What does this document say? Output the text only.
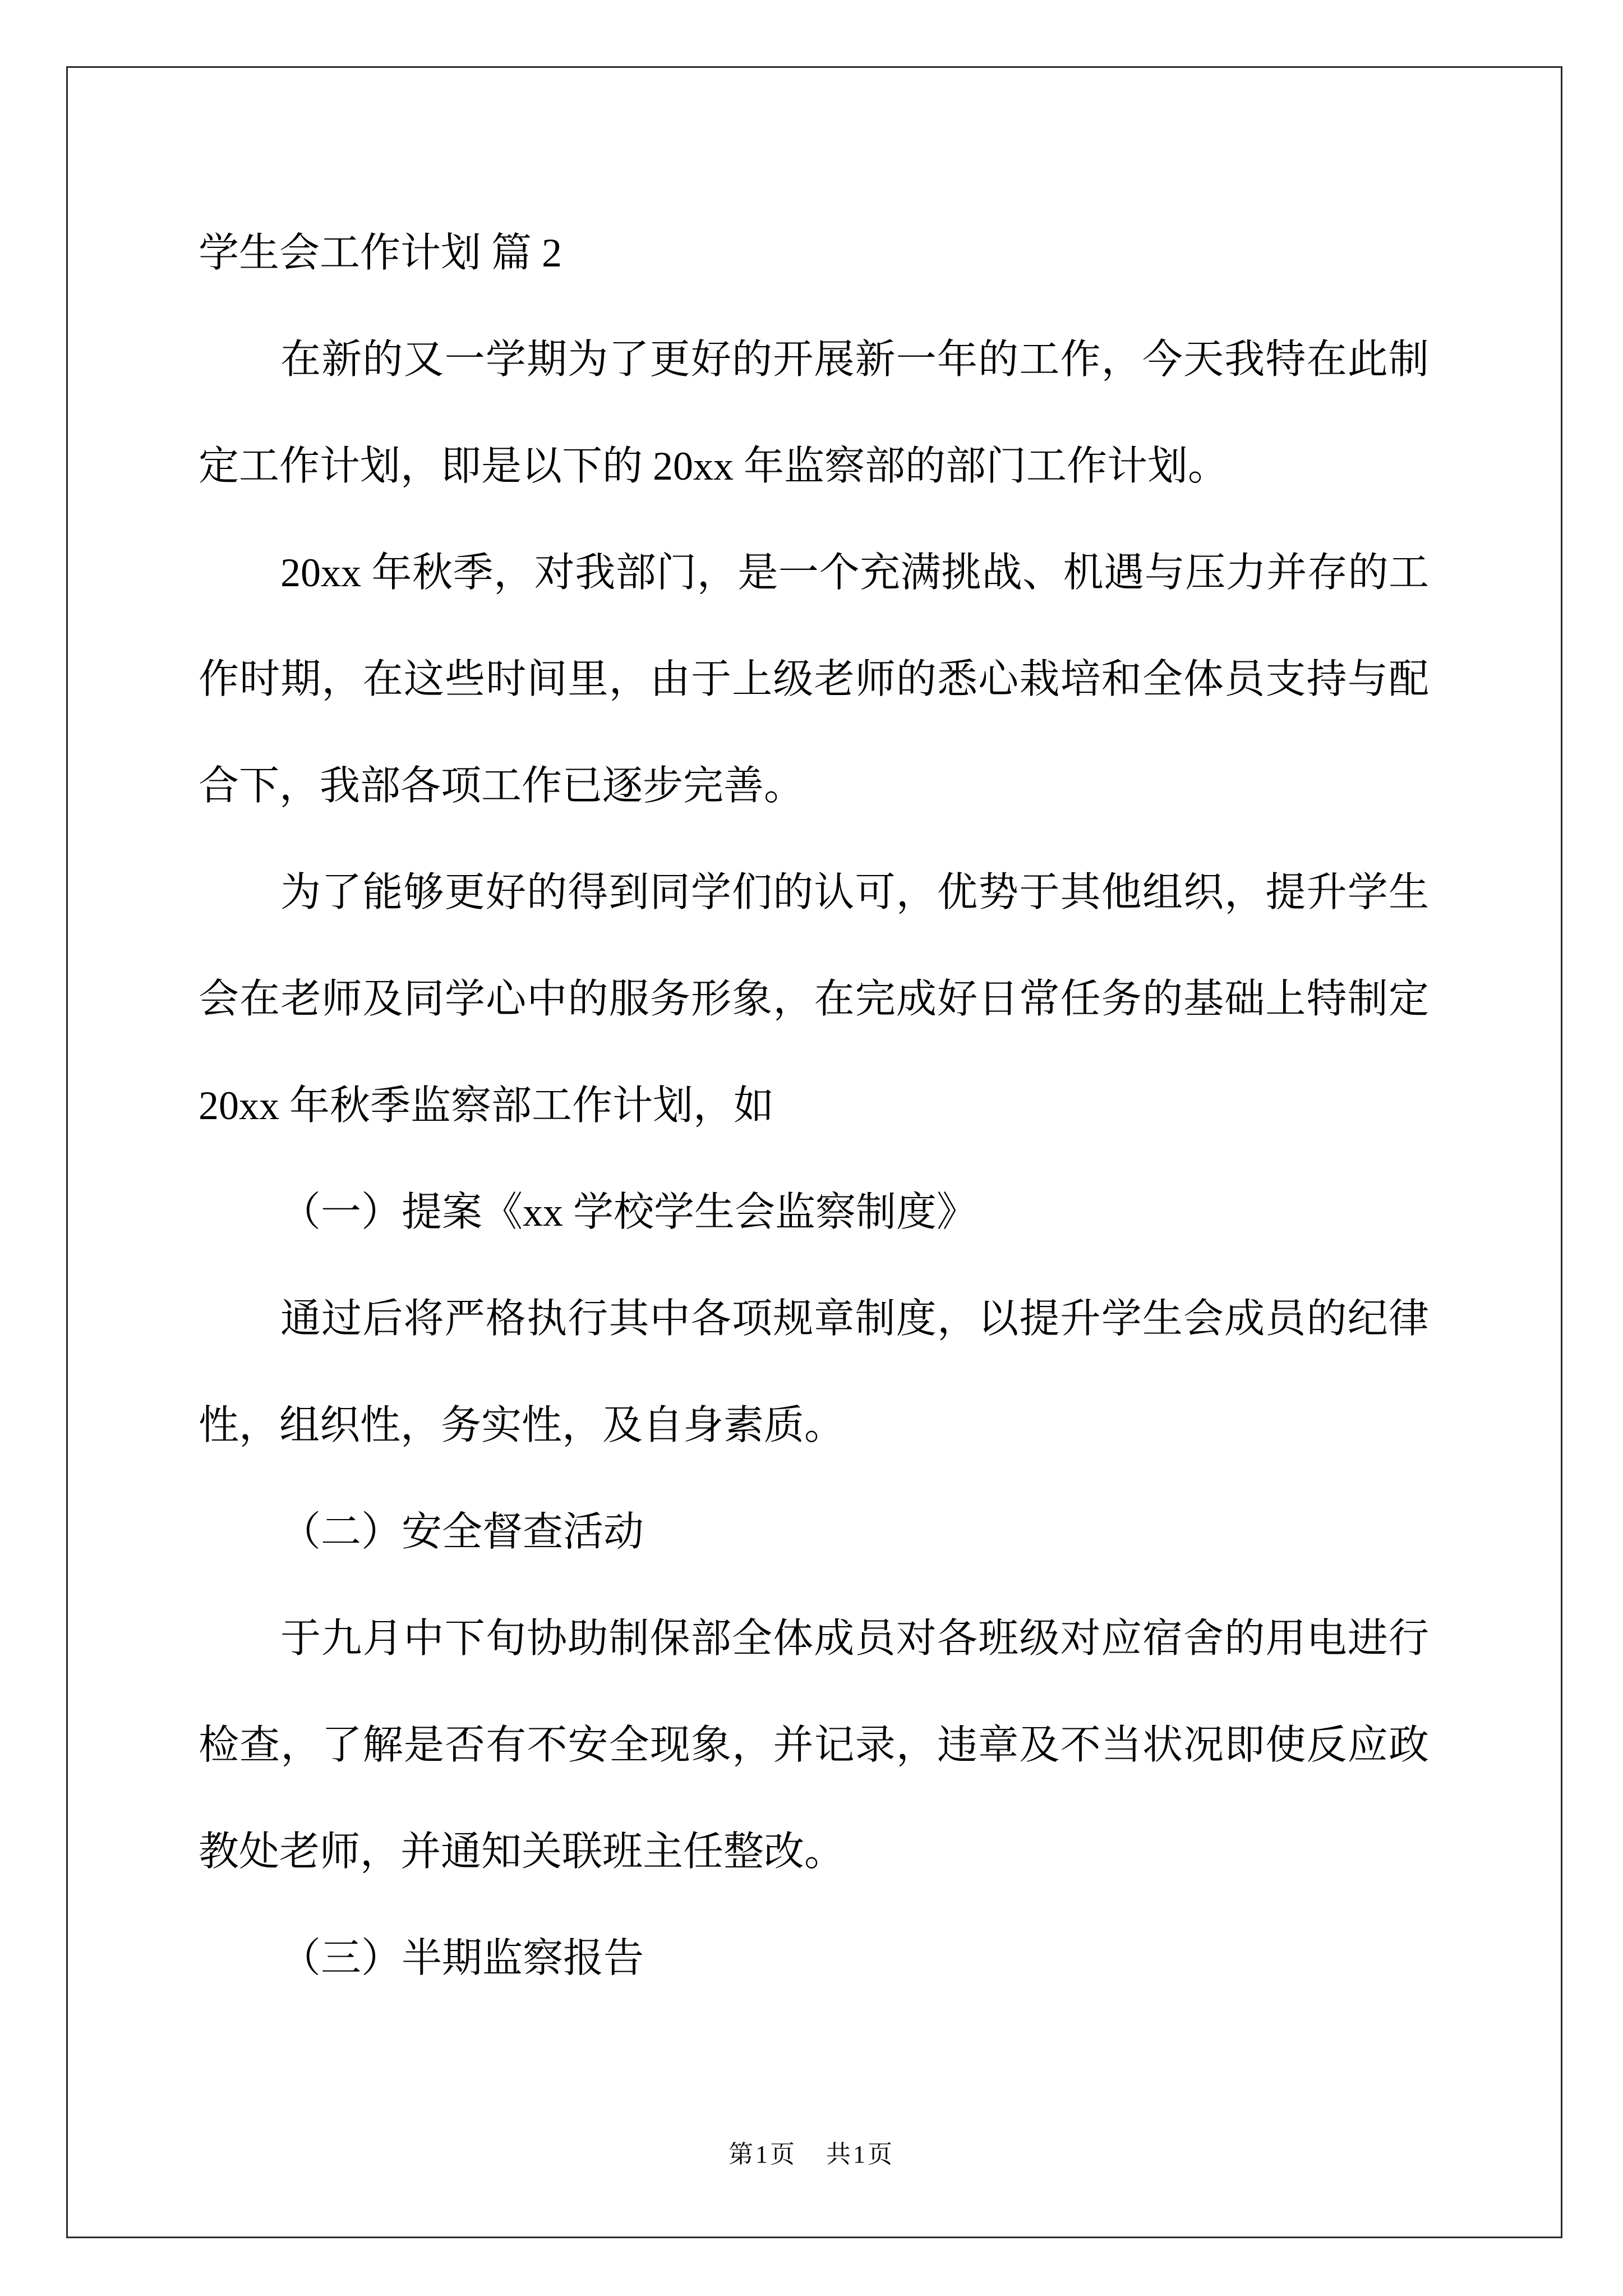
学生会工作计划 篇 2
在新的又一学期为了更好的开展新一年的工作，今天我特在此制
定工作计划，即是以下的 20xx 年监察部的部门工作计划。
20xx 年秋季，对我部门，是一个充满挑战、机遇与压力并存的工
作时期，在这些时间里，由于上级老师的悉心栽培和全体员支持与配
合下，我部各项工作已逐步完善。
为了能够更好的得到同学们的认可，优势于其他组织，提升学生
会在老师及同学心中的服务形象，在完成好日常任务的基础上特制定
20xx 年秋季监察部工作计划，如
（一）提案《xx 学校学生会监察制度》
通过后将严格执行其中各项规章制度，以提升学生会成员的纪律
性，组织性，务实性，及自身素质。
（二）安全督查活动
于九月中下旬协助制保部全体成员对各班级对应宿舍的用电进行
检查，了解是否有不安全现象，并记录，违章及不当状况即使反应政
教处老师，并通知关联班主任整改。
（三）半期监察报告
第1页 共1页
